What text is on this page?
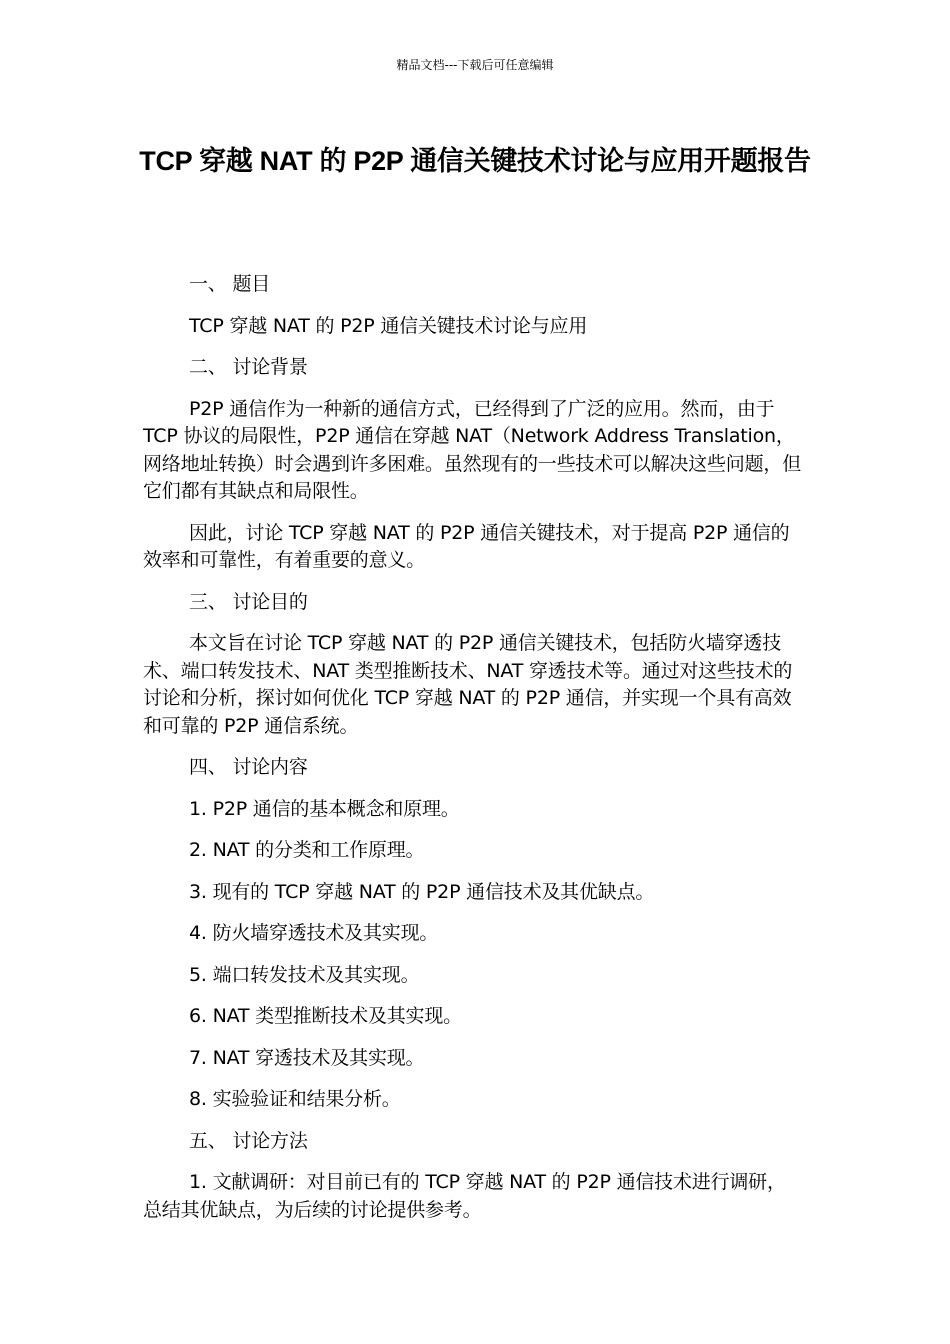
精品文档---下载后可任意编辑
TCP 穿越 NAT 的 P2P 通信关键技术讨论与应用开题报告

一、 题目

TCP 穿越 NAT 的 P2P 通信关键技术讨论与应用

二、 讨论背景

P2P 通信作为一种新的通信方式，已经得到了广泛的应用。然而，由于 TCP 协议的局限性，P2P 通信在穿越 NAT（Network Address Translation，网络地址转换）时会遇到许多困难。虽然现有的一些技术可以解决这些问题，但它们都有其缺点和局限性。

因此，讨论 TCP 穿越 NAT 的 P2P 通信关键技术，对于提高 P2P 通信的效率和可靠性，有着重要的意义。

三、 讨论目的

本文旨在讨论 TCP 穿越 NAT 的 P2P 通信关键技术，包括防火墙穿透技术、端口转发技术、NAT 类型推断技术、NAT 穿透技术等。通过对这些技术的讨论和分析，探讨如何优化 TCP 穿越 NAT 的 P2P 通信，并实现一个具有高效和可靠的 P2P 通信系统。

四、 讨论内容

1. P2P 通信的基本概念和原理。

2. NAT 的分类和工作原理。

3. 现有的 TCP 穿越 NAT 的 P2P 通信技术及其优缺点。

4. 防火墙穿透技术及其实现。

5. 端口转发技术及其实现。

6. NAT 类型推断技术及其实现。

7. NAT 穿透技术及其实现。

8. 实验验证和结果分析。

五、 讨论方法

1. 文献调研：对目前已有的 TCP 穿越 NAT 的 P2P 通信技术进行调研，总结其优缺点，为后续的讨论提供参考。
